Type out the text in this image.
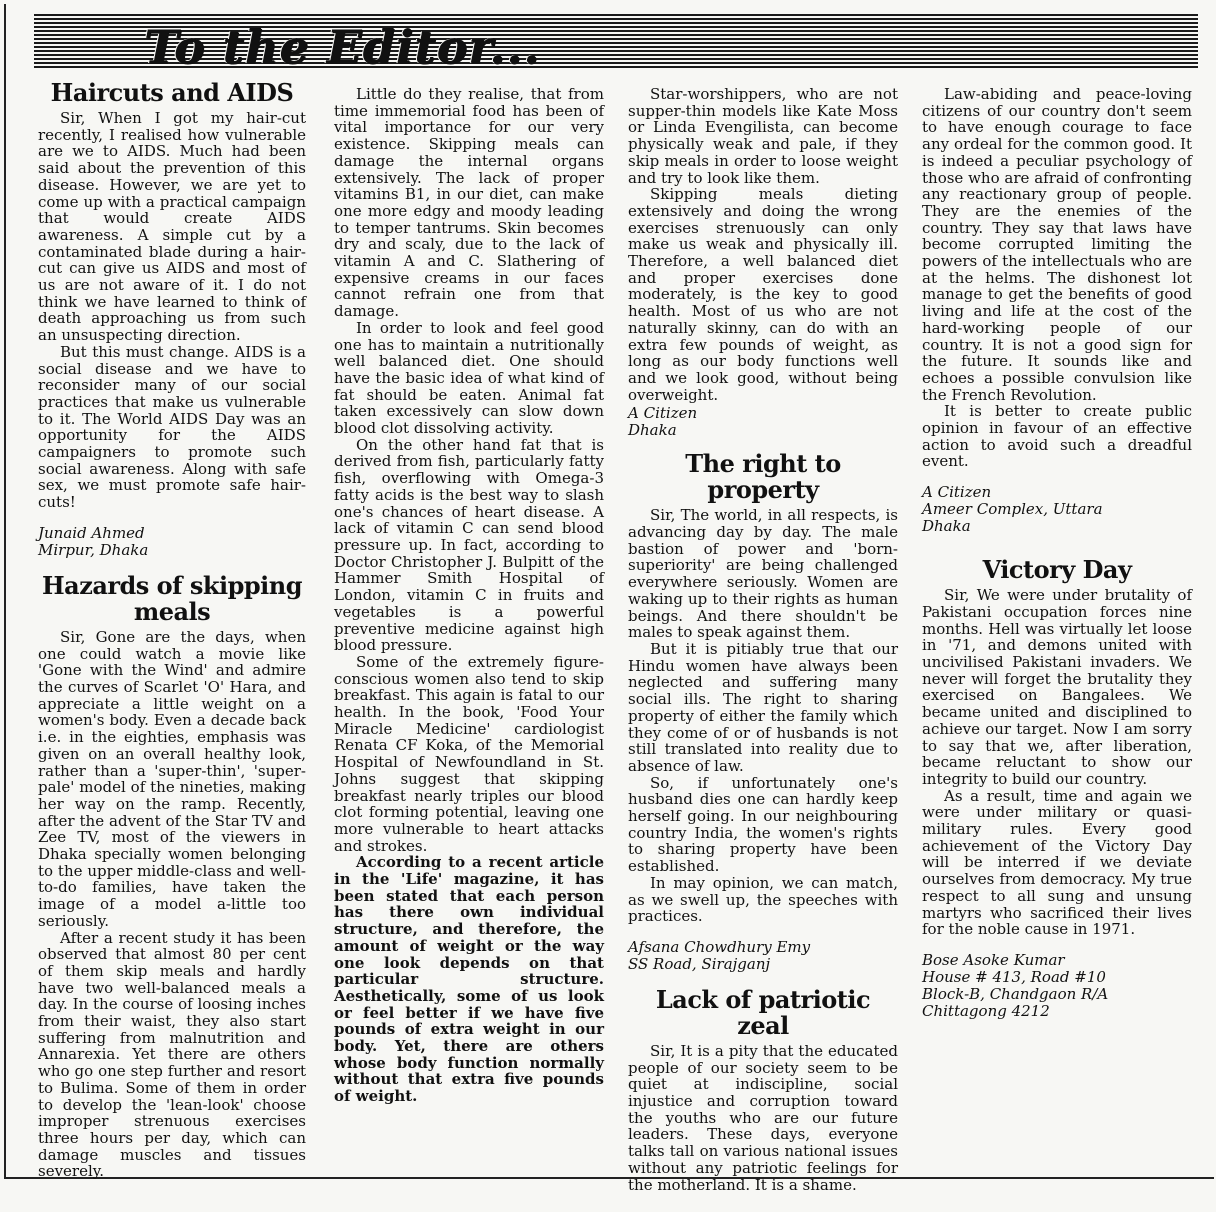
To the Editor...
Haircuts and AIDS

Sir, When I got my hair-cut recently, I realised how vulnerable are we to AIDS. Much had been said about the prevention of this disease. However, we are yet to come up with a practical campaign that would create AIDS awareness. A simple cut by a contaminated blade during a hair-cut can give us AIDS and most of us are not aware of it. I do not think we have learned to think of death approaching us from such an unsuspecting direction.

But this must change. AIDS is a social disease and we have to reconsider many of our social practices that make us vulnerable to it. The World AIDS Day was an opportunity for the AIDS campaigners to promote such social awareness. Along with safe sex, we must promote safe hair-cuts!

Junaid Ahmed
Mirpur, Dhaka
Hazards of skipping meals

Sir, Gone are the days, when one could watch a movie like 'Gone with the Wind' and admire the curves of Scarlet 'O' Hara, and appreciate a little weight on a women's body. Even a decade back i.e. in the eighties, emphasis was given on an overall healthy look, rather than a 'super-thin', 'super-pale' model of the nineties, making her way on the ramp. Recently, after the advent of the Star TV and Zee TV, most of the viewers in Dhaka specially women belonging to the upper middle-class and well-to-do families, have taken the image of a model a-little too seriously.

After a recent study it has been observed that almost 80 per cent of them skip meals and hardly have two well-balanced meals a day. In the course of loosing inches from their waist, they also start suffering from malnutrition and Annarexia. Yet there are others who go one step further and resort to Bulima. Some of them in order to develop the 'lean-look' choose improper strenuous exercises three hours per day, which can damage muscles and tissues severely.

Little do they realise, that from time immemorial food has been of vital importance for our very existence. Skipping meals can damage the internal organs extensively. The lack of proper vitamins B1, in our diet, can make one more edgy and moody leading to temper tantrums. Skin becomes dry and scaly, due to the lack of vitamin A and C. Slathering of expensive creams in our faces cannot refrain one from that damage.

In order to look and feel good one has to maintain a nutritionally well balanced diet. One should have the basic idea of what kind of fat should be eaten. Animal fat taken excessively can slow down blood clot dissolving activity.

On the other hand fat that is derived from fish, particularly fatty fish, overflowing with Omega-3 fatty acids is the best way to slash one's chances of heart disease. A lack of vitamin C can send blood pressure up. In fact, according to Doctor Christopher J. Bulpitt of the Hammer Smith Hospital of London, vitamin C in fruits and vegetables is a powerful preventive medicine against high blood pressure.

Some of the extremely figure-conscious women also tend to skip breakfast. This again is fatal to our health. In the book, 'Food Your Miracle Medicine' cardiologist Renata CF Koka, of the Memorial Hospital of Newfoundland in St. Johns suggest that skipping breakfast nearly triples our blood clot forming potential, leaving one more vulnerable to heart attacks and strokes.

According to a recent article in the 'Life' magazine, it has been stated that each person has there own individual structure, and therefore, the amount of weight or the way one look depends on that particular structure. Aesthetically, some of us look or feel better if we have five pounds of extra weight in our body. Yet, there are others whose body function normally without that extra five pounds of weight.

Star-worshippers, who are not supper-thin models like Kate Moss or Linda Evengilista, can become physically weak and pale, if they skip meals in order to loose weight and try to look like them.

Skipping meals dieting extensively and doing the wrong exercises strenuously can only make us weak and physically ill. Therefore, a well balanced diet and proper exercises done moderately, is the key to good health. Most of us who are not naturally skinny, can do with an extra few pounds of weight, as long as our body functions well and we look good, without being overweight.

A Citizen
Dhaka
The right to property

Sir, The world, in all respects, is advancing day by day. The male bastion of power and 'born-superiority' are being challenged everywhere seriously. Women are waking up to their rights as human beings. And there shouldn't be males to speak against them.

But it is pitiably true that our Hindu women have always been neglected and suffering many social ills. The right to sharing property of either the family which they come of or of husbands is not still translated into reality due to absence of law.

So, if unfortunately one's husband dies one can hardly keep herself going. In our neighbouring country India, the women's rights to sharing property have been established.

In may opinion, we can match, as we swell up, the speeches with practices.

Afsana Chowdhury Emy
SS Road, Sirajganj
Lack of patriotic zeal

Sir, It is a pity that the educated people of our society seem to be quiet at indiscipline, social injustice and corruption toward the youths who are our future leaders. These days, everyone talks tall on various national issues without any patriotic feelings for the motherland. It is a shame.

Law-abiding and peace-loving citizens of our country don't seem to have enough courage to face any ordeal for the common good. It is indeed a peculiar psychology of those who are afraid of confronting any reactionary group of people. They are the enemies of the country. They say that laws have become corrupted limiting the powers of the intellectuals who are at the helms. The dishonest lot manage to get the benefits of good living and life at the cost of the hard-working people of our country. It is not a good sign for the future. It sounds like and echoes a possible convulsion like the French Revolution.

It is better to create public opinion in favour of an effective action to avoid such a dreadful event.

A Citizen
Ameer Complex, Uttara
Dhaka
Victory Day

Sir, We were under brutality of Pakistani occupation forces nine months. Hell was virtually let loose in '71, and demons united with uncivilised Pakistani invaders. We never will forget the brutality they exercised on Bangalees. We became united and disciplined to achieve our target. Now I am sorry to say that we, after liberation, became reluctant to show our integrity to build our country.

As a result, time and again we were under military or quasi-military rules. Every good achievement of the Victory Day will be interred if we deviate ourselves from democracy. My true respect to all sung and unsung martyrs who sacrificed their lives for the noble cause in 1971.

Bose Asoke Kumar
House # 413, Road #10
Block-B, Chandgaon R/A
Chittagong 4212
